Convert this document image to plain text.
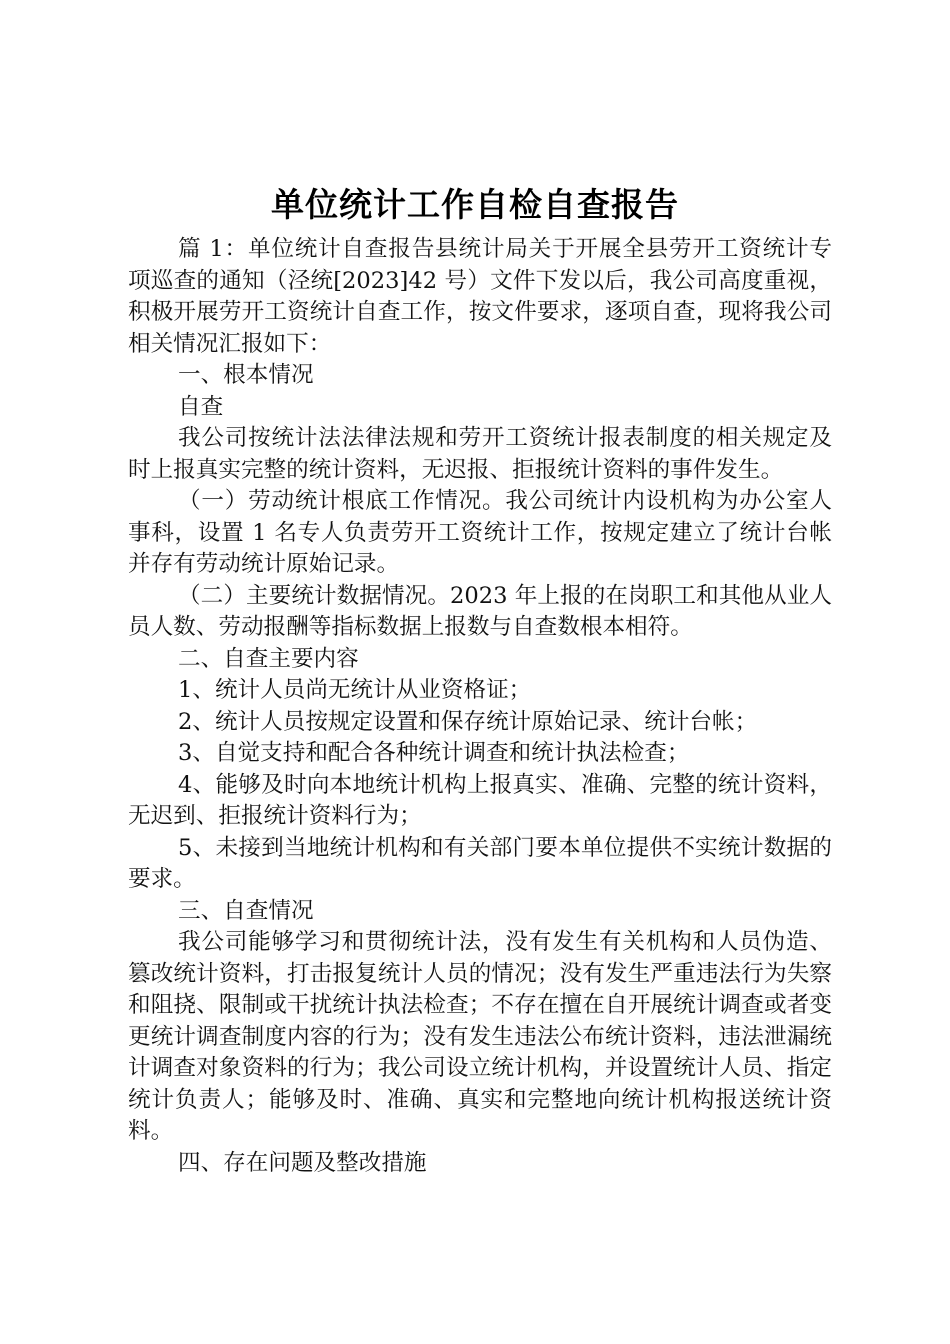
单位统计工作自检自查报告

篇 1：单位统计自查报告县统计局关于开展全县劳开工资统计专项巡查的通知（泾统[2023]42 号）文件下发以后，我公司高度重视，积极开展劳开工资统计自查工作，按文件要求，逐项自查，现将我公司相关情况汇报如下：

一、根本情况

自查

我公司按统计法法律法规和劳开工资统计报表制度的相关规定及时上报真实完整的统计资料，无迟报、拒报统计资料的事件发生。

（一）劳动统计根底工作情况。我公司统计内设机构为办公室人事科，设置 1 名专人负责劳开工资统计工作，按规定建立了统计台帐并存有劳动统计原始记录。

（二）主要统计数据情况。2023 年上报的在岗职工和其他从业人员人数、劳动报酬等指标数据上报数与自查数根本相符。

二、自查主要内容

1、统计人员尚无统计从业资格证；

2、统计人员按规定设置和保存统计原始记录、统计台帐；

3、自觉支持和配合各种统计调查和统计执法检查；

4、能够及时向本地统计机构上报真实、准确、完整的统计资料，无迟到、拒报统计资料行为；

5、未接到当地统计机构和有关部门要本单位提供不实统计数据的要求。

三、自查情况

我公司能够学习和贯彻统计法，没有发生有关机构和人员伪造、篡改统计资料，打击报复统计人员的情况；没有发生严重违法行为失察和阻挠、限制或干扰统计执法检查；不存在擅在自开展统计调查或者变更统计调查制度内容的行为；没有发生违法公布统计资料，违法泄漏统计调查对象资料的行为；我公司设立统计机构，并设置统计人员、指定统计负责人；能够及时、准确、真实和完整地向统计机构报送统计资料。

四、存在问题及整改措施
